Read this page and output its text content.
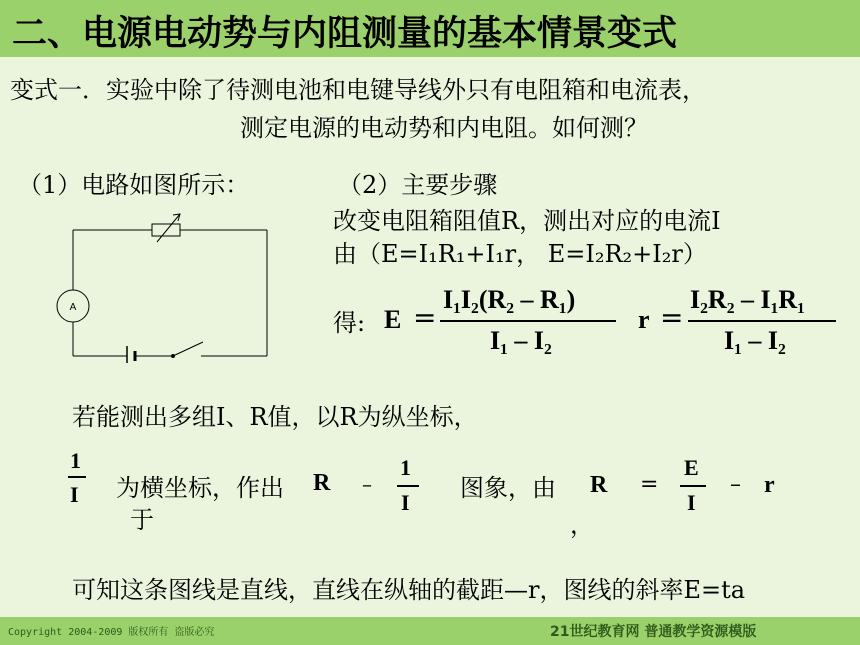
二、电源电动势与内阻测量的基本情景变式
变式一．实验中除了待测电池和电键导线外只有电阻箱和电流表，
测定电源的电动势和内电阻。如何测？
（1）电路如图所示：
A
（2）主要步骤
改变电阻箱阻值R，测出对应的电流I
由（E=I₁R₁+I₁r， E=I₂R₂+I₂r）
得: E =
I₁I₂(R₂ – R₁)
I₁ – I₂
r =
I₂R₂ – I₁R₁
I₁ – I₂
若能测出多组I、R值，以R为纵坐标，
1
I 为横坐标，作出
于
R –
1
I
图象，由 R
，
=
E
I
– r
可知这条图线是直线，直线在纵轴的截距—r，图线的斜率E=ta
Copyright 2004-2009 版权所有 盗版必究	21世纪教育网 普通教学资源模版
